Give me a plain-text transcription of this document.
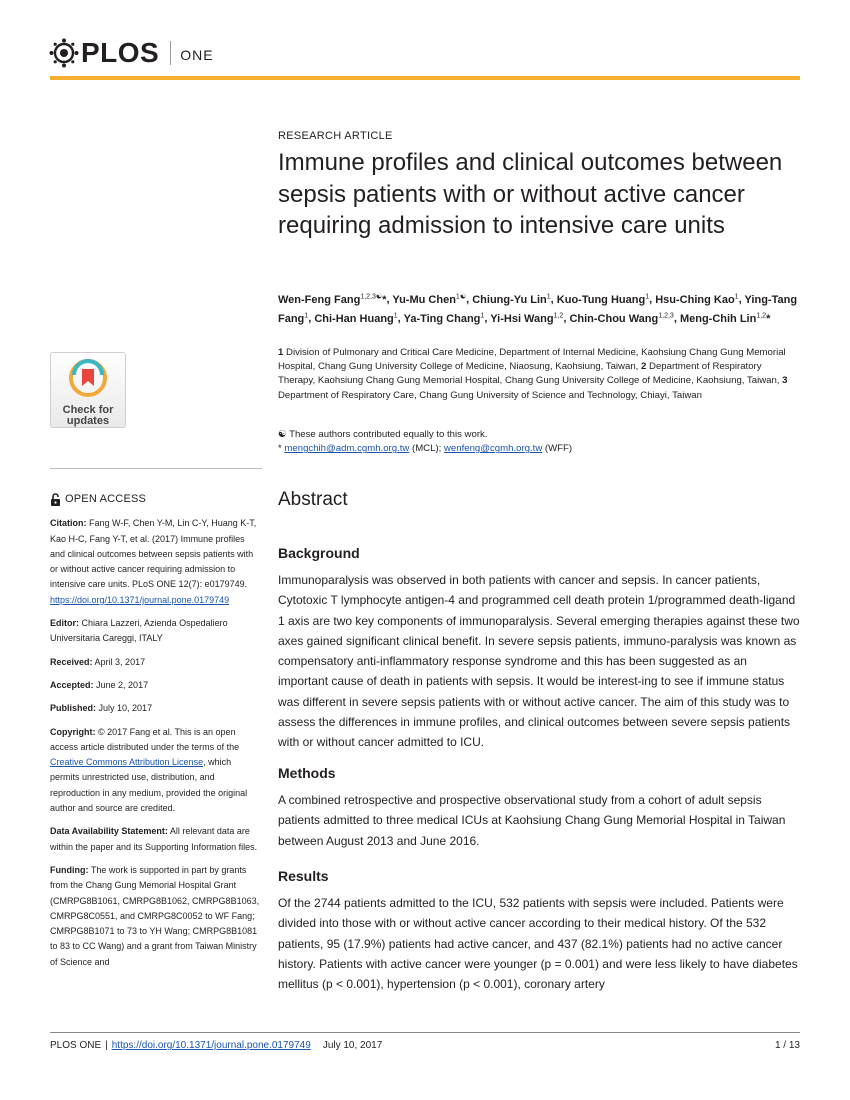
PLOS ONE
Check for updates
OPEN ACCESS
Citation: Fang W-F, Chen Y-M, Lin C-Y, Huang K-T, Kao H-C, Fang Y-T, et al. (2017) Immune profiles and clinical outcomes between sepsis patients with or without active cancer requiring admission to intensive care units. PLoS ONE 12(7): e0179749. https://doi.org/10.1371/journal.pone.0179749
Editor: Chiara Lazzeri, Azienda Ospedaliero Universitaria Careggi, ITALY
Received: April 3, 2017
Accepted: June 2, 2017
Published: July 10, 2017
Copyright: © 2017 Fang et al. This is an open access article distributed under the terms of the Creative Commons Attribution License, which permits unrestricted use, distribution, and reproduction in any medium, provided the original author and source are credited.
Data Availability Statement: All relevant data are within the paper and its Supporting Information files.
Funding: The work is supported in part by grants from the Chang Gung Memorial Hospital Grant (CMRPG8B1061, CMRPG8B1062, CMRPG8B1063, CMRPG8C0551, and CMRPG8C0052 to WF Fang; CMRPG8B1071 to 73 to YH Wang; CMRPG8B1081 to 83 to CC Wang) and a grant from Taiwan Ministry of Science and
RESEARCH ARTICLE
Immune profiles and clinical outcomes between sepsis patients with or without active cancer requiring admission to intensive care units
Wen-Feng Fang$^{1,2,3☯}$*, Yu-Mu Chen$^{1☯}$, Chiung-Yu Lin$^1$, Kuo-Tung Huang$^1$, Hsu-Ching Kao$^1$, Ying-Tang Fang$^1$, Chi-Han Huang$^1$, Ya-Ting Chang$^1$, Yi-Hsi Wang$^{1,2}$, Chin-Chou Wang$^{1,2,3}$, Meng-Chih Lin$^{1,2}$*
1 Division of Pulmonary and Critical Care Medicine, Department of Internal Medicine, Kaohsiung Chang Gung Memorial Hospital, Chang Gung University College of Medicine, Niaosung, Kaohsiung, Taiwan, 2 Department of Respiratory Therapy, Kaohsiung Chang Gung Memorial Hospital, Chang Gung University College of Medicine, Kaohsiung, Taiwan, 3 Department of Respiratory Care, Chang Gung University of Science and Technology, Chiayi, Taiwan
☯ These authors contributed equally to this work.
* mengchih@adm.cgmh.org.tw (MCL); wenfeng@cgmh.org.tw (WFF)
Abstract
Background

Immunoparalysis was observed in both patients with cancer and sepsis. In cancer patients, Cytotoxic T lymphocyte antigen-4 and programmed cell death protein 1/programmed death-ligand 1 axis are two key components of immunoparalysis. Several emerging therapies against these two axes gained significant clinical benefit. In severe sepsis patients, immuno-paralysis was known as compensatory anti-inflammatory response syndrome and this has been suggested as an important cause of death in patients with sepsis. It would be interest-ing to see if immune status was different in severe sepsis patients with or without active cancer. The aim of this study was to assess the differences in immune profiles, and clinical outcomes between severe sepsis patients with or without cancer admitted to ICU.

Methods

A combined retrospective and prospective observational study from a cohort of adult sepsis patients admitted to three medical ICUs at Kaohsiung Chang Gung Memorial Hospital in Taiwan between August 2013 and June 2016.

Results

Of the 2744 patients admitted to the ICU, 532 patients with sepsis were included. Patients were divided into those with or without active cancer according to their medical history. Of the 532 patients, 95 (17.9%) patients had active cancer, and 437 (82.1%) patients had no active cancer history. Patients with active cancer were younger (p = 0.001) and were less likely to have diabetes mellitus (p < 0.001), hypertension (p < 0.001), coronary artery

PLOS ONE | https://doi.org/10.1371/journal.pone.0179749 July 10, 2017	1 / 13
